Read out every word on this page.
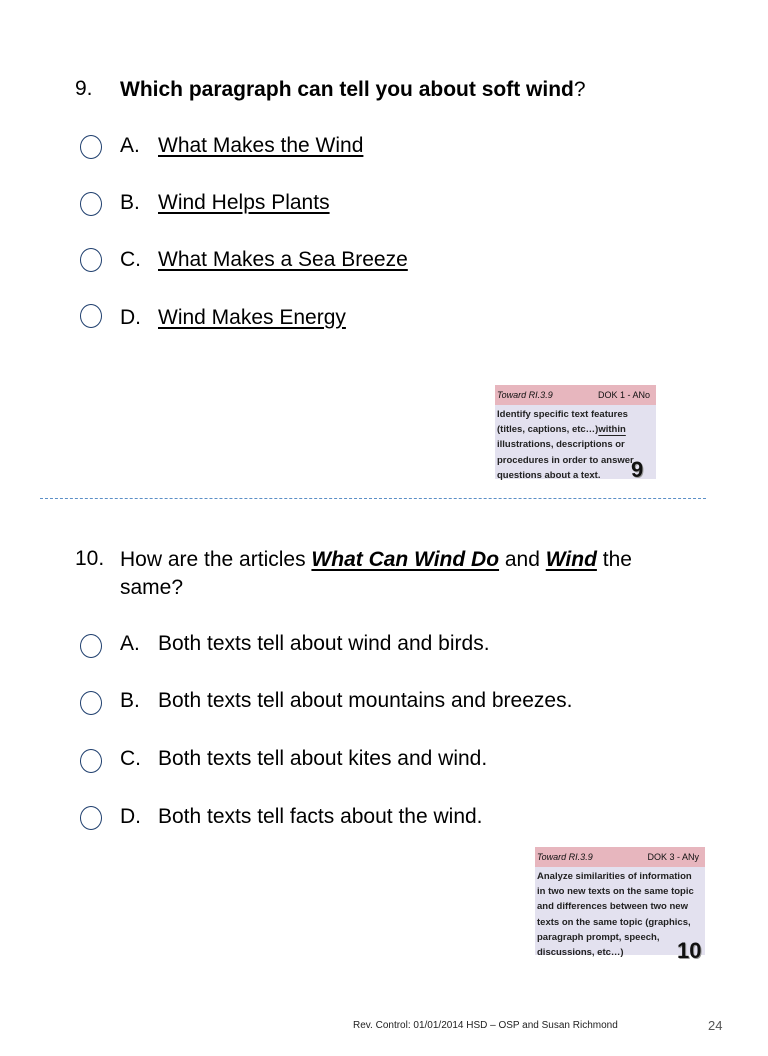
9. Which paragraph can tell you about soft wind?
A. What Makes the Wind
B. Wind Helps Plants
C. What Makes a Sea Breeze
D. Wind Makes Energy
Toward RI.3.9	DOK 1 - ANo
Identify specific text features (titles, captions, etc…)within illustrations, descriptions or procedures in order to answer questions about a text.	9
10. How are the articles What Can Wind Do and Wind the same?
A. Both texts tell about wind and birds.
B. Both texts tell about mountains and breezes.
C. Both texts tell about kites and wind.
D. Both texts tell facts about the wind.
Toward RI.3.9	DOK 3 - ANy
Analyze similarities of information in two new texts on the same topic and differences between two new texts on the same topic (graphics, paragraph prompt, speech, discussions, etc…)	10
Rev. Control: 01/01/2014 HSD – OSP and Susan Richmond	24
